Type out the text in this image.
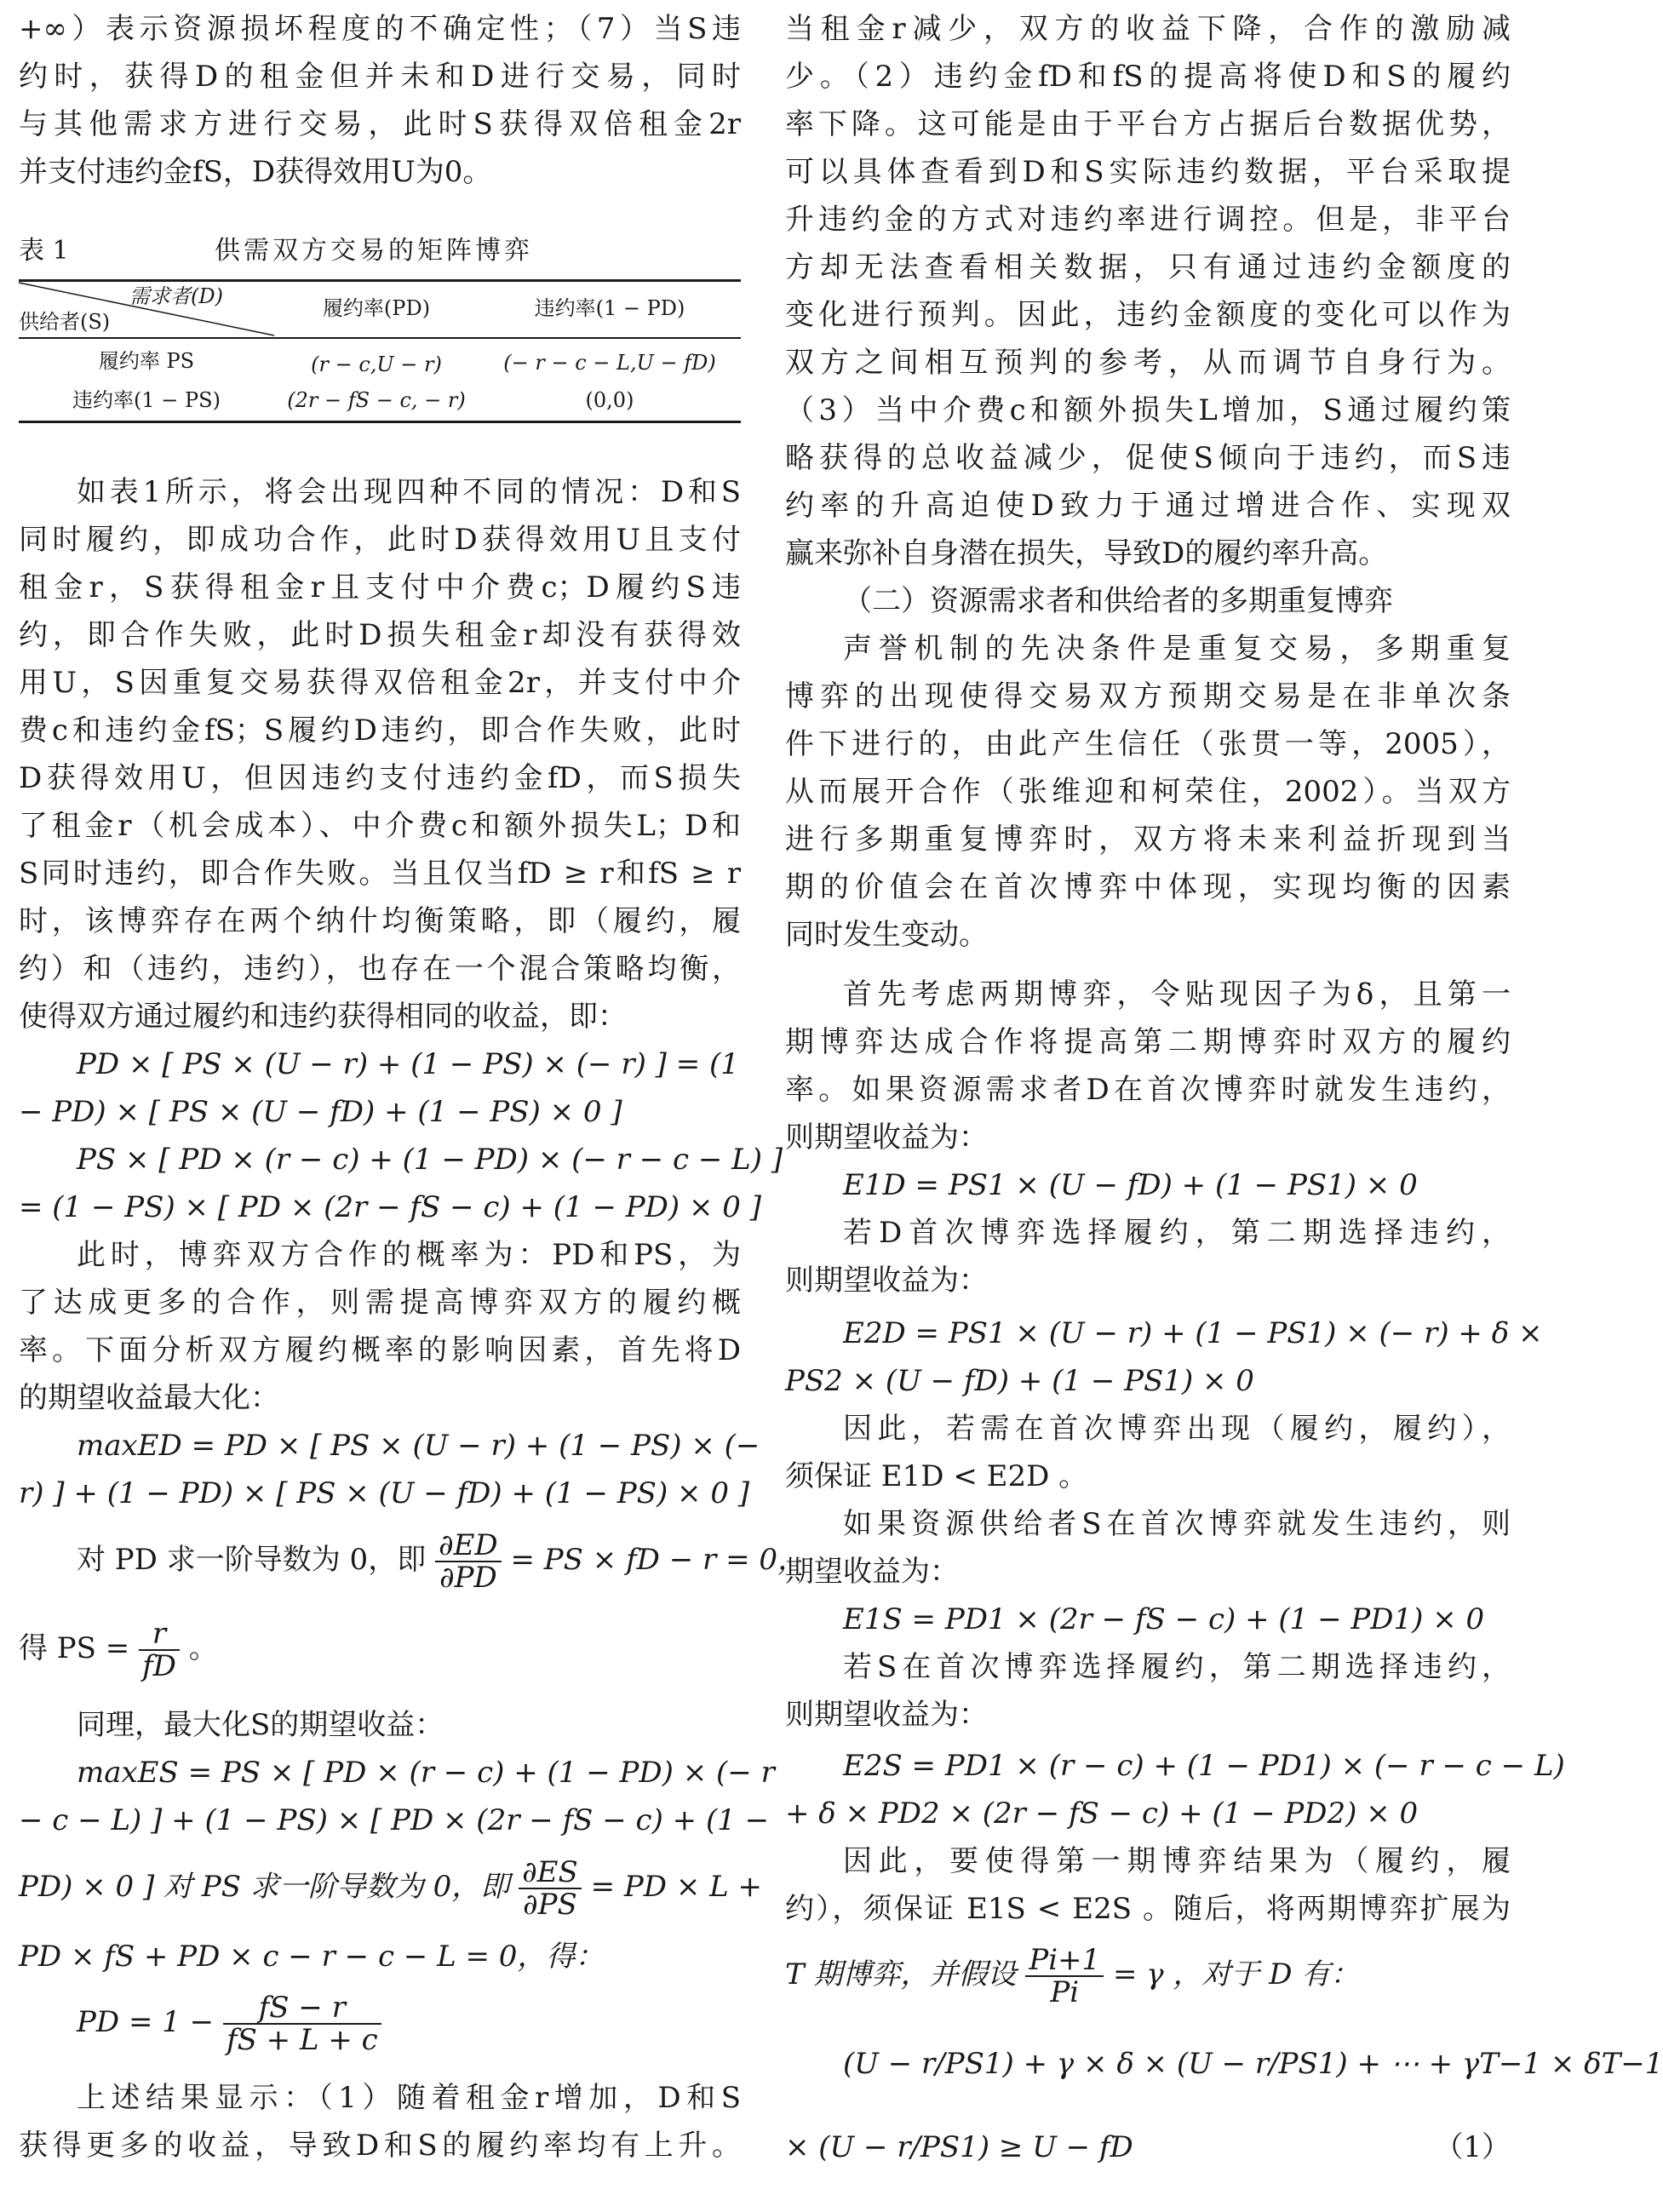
+∞）表示资源损坏程度的不确定性；（7）当S违
约时，获得D的租金但并未和D进行交易，同时
与其他需求方进行交易，此时S获得双倍租金2r
并支付违约金fS，D获得效用U为0。
表 1	供需双方交易的矩阵博弈
需求者(D)
供给者(S)
履约率(PD)	违约率(1 − PD)
履约率 PS	(r − c,U − r)	(− r − c − L,U − fD)
违约率(1 − PS)	(2r − fS − c, − r)	(0,0)
如表1所示，将会出现四种不同的情况：D和S
同时履约，即成功合作，此时D获得效用U且支付
租金r，S获得租金r且支付中介费c；D履约S违
约，即合作失败，此时D损失租金r却没有获得效
用U，S因重复交易获得双倍租金2r，并支付中介
费c和违约金fS；S履约D违约，即合作失败，此时
D获得效用U，但因违约支付违约金fD，而S损失
了租金r（机会成本）、中介费c和额外损失L；D和
S同时违约，即合作失败。当且仅当fD ≥ r和fS ≥ r
时，该博弈存在两个纳什均衡策略，即（履约，履
约）和（违约，违约），也存在一个混合策略均衡，
使得双方通过履约和违约获得相同的收益，即：
PD × [ PS × (U − r) + (1 − PS) × (− r) ] = (1
− PD) × [ PS × (U − fD) + (1 − PS) × 0 ]
PS × [ PD × (r − c) + (1 − PD) × (− r − c − L) ]
= (1 − PS) × [ PD × (2r − fS − c) + (1 − PD) × 0 ]
此时，博弈双方合作的概率为：PD和PS，为
了达成更多的合作，则需提高博弈双方的履约概
率。下面分析双方履约概率的影响因素，首先将D
的期望收益最大化：
maxED = PD × [ PS × (U − r) + (1 − PS) × (−
r) ] + (1 − PD) × [ PS × (U − fD) + (1 − PS) × 0 ]
对 PD 求一阶导数为 0，即 $\frac{\partial ED}{\partial PD}$ = PS × fD − r = 0，
得 PS = $\frac{r}{fD}$ 。
同理，最大化S的期望收益：
maxES = PS × [ PD × (r − c) + (1 − PD) × (− r
− c − L) ] + (1 − PS) × [ PD × (2r − fS − c) + (1 −
PD) × 0 ] 对 PS 求一阶导数为 0，即 $\frac{\partial ES}{\partial PS}$ = PD × L +
PD × fS + PD × c − r − c − L = 0，得：
PD = $1 - \frac{fS - r}{fS + L + c}$
上述结果显示：（1）随着租金r增加，D和S
获得更多的收益，导致D和S的履约率均有上升。
当租金r减少，双方的收益下降，合作的激励减
少。（2）违约金fD和fS的提高将使D和S的履约
率下降。这可能是由于平台方占据后台数据优势，
可以具体查看到D和S实际违约数据，平台采取提
升违约金的方式对违约率进行调控。但是，非平台
方却无法查看相关数据，只有通过违约金额度的
变化进行预判。因此，违约金额度的变化可以作为
双方之间相互预判的参考，从而调节自身行为。
（3）当中介费c和额外损失L增加，S通过履约策
略获得的总收益减少，促使S倾向于违约，而S违
约率的升高迫使D致力于通过增进合作、实现双
赢来弥补自身潜在损失，导致D的履约率升高。
（二）资源需求者和供给者的多期重复博弈
声誉机制的先决条件是重复交易，多期重复
博弈的出现使得交易双方预期交易是在非单次条
件下进行的，由此产生信任（张贯一等，2005），
从而展开合作（张维迎和柯荣住，2002）。当双方
进行多期重复博弈时，双方将未来利益折现到当
期的价值会在首次博弈中体现，实现均衡的因素
同时发生变动。
首先考虑两期博弈，令贴现因子为δ，且第一
期博弈达成合作将提高第二期博弈时双方的履约
率。如果资源需求者D在首次博弈时就发生违约，
则期望收益为：
E1D = PS1 × (U − fD) + (1 − PS1) × 0
若D首次博弈选择履约，第二期选择违约，
则期望收益为：
E2D = PS1 × (U − r) + (1 − PS1) × (− r) + δ ×
PS2 × (U − fD) + (1 − PS1) × 0
因此，若需在首次博弈出现（履约，履约），
须保证 E1D < E2D 。
如果资源供给者S在首次博弈就发生违约，则
期望收益为：
E1S = PD1 × (2r − fS − c) + (1 − PD1) × 0
若S在首次博弈选择履约，第二期选择违约，
则期望收益为：
E2S = PD1 × (r − c) + (1 − PD1) × (− r − c − L)
+ δ × PD2 × (2r − fS − c) + (1 − PD2) × 0
因此，要使得第一期博弈结果为（履约，履
约），须保证 E1S < E2S 。随后，将两期博弈扩展为
T 期博弈，并假设 $\frac{Pi+1}{Pi} = \gamma$ ，对于 D 有：
(U − r/PS1) + γ × δ × (U − r/PS1) + ⋯ + γT−1 × δT−1
× (U − r/PS1) ≥ U − fD	（1）
